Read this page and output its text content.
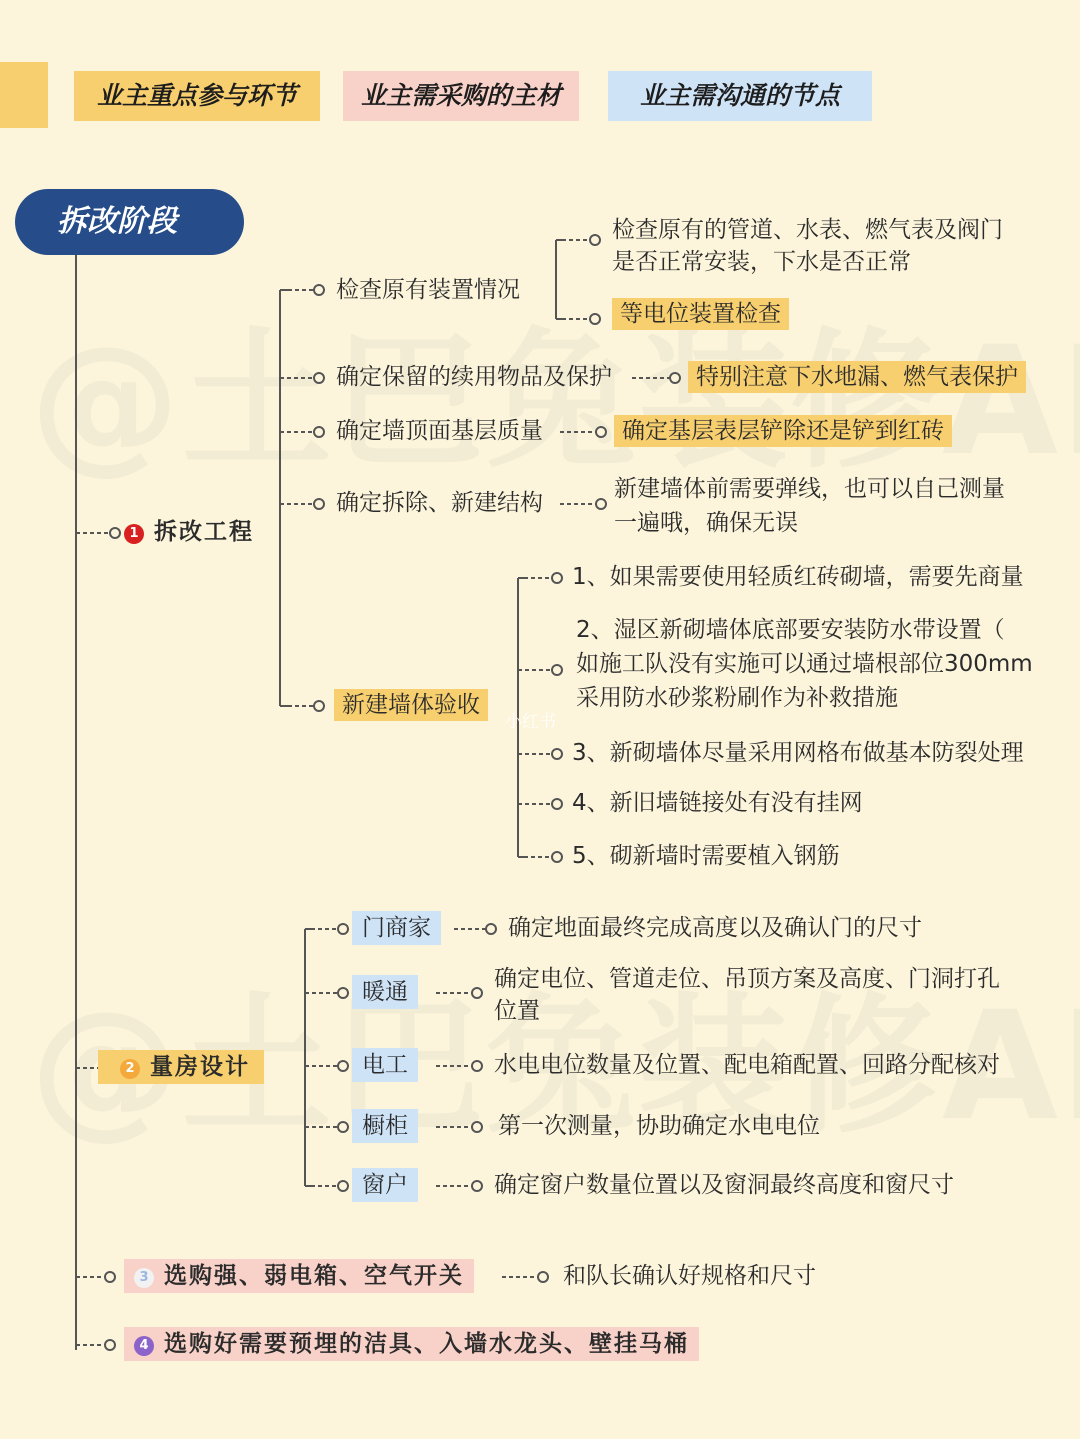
业主重点参与环节	业主需采购的主材	业主需沟通的节点
拆改阶段
1 拆改工程
检查原有装置情况
检查原有的管道、水表、燃气表及阀门
是否正常安装，下水是否正常
等电位装置检查
确定保留的续用物品及保护	特别注意下水地漏、燃气表保护
确定墙顶面基层质量	确定基层表层铲除还是铲到红砖
确定拆除、新建结构
新建墙体前需要弹线，也可以自己测量
一遍哦，确保无误
新建墙体验收
小红书
1、如果需要使用轻质红砖砌墙，需要先商量
2、湿区新砌墙体底部要安装防水带设置（
如施工队没有实施可以通过墙根部位300mm
采用防水砂浆粉刷作为补救措施
3、新砌墙体尽量采用网格布做基本防裂处理
4、新旧墙链接处有没有挂网
5、砌新墙时需要植入钢筋
2 量房设计
门商家	确定地面最终完成高度以及确认门的尺寸
暖通	确定电位、管道走位、吊顶方案及高度、门洞打孔
位置
电工	水电电位数量及位置、配电箱配置、回路分配核对
橱柜	第一次测量，协助确定水电电位
窗户	确定窗户数量位置以及窗洞最终高度和窗尺寸
3 选购强、弱电箱、空气开关	和队长确认好规格和尺寸
4 选购好需要预埋的洁具、入墙水龙头、壁挂马桶
